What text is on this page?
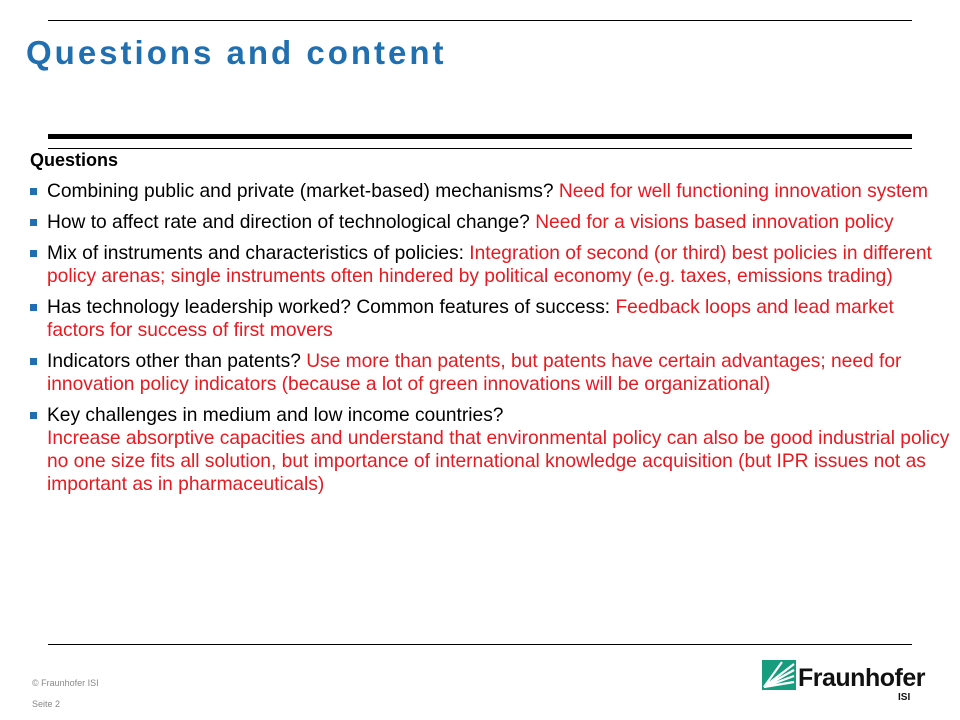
Questions and content
Questions
Combining public and private (market-based) mechanisms? Need for well functioning innovation system
How to affect rate and direction of technological change? Need for a visions based innovation policy
Mix of instruments and characteristics of policies: Integration of second (or third) best policies in different policy arenas; single instruments often hindered by political economy (e.g. taxes, emissions trading)
Has technology leadership worked? Common features of success: Feedback loops and lead market factors for success of first movers
Indicators other than patents? Use more than patents, but patents have certain advantages; need for innovation policy indicators (because a lot of green innovations will be organizational)
Key challenges in medium and low income countries?
Increase absorptive capacities and understand that environmental policy can also be good industrial policy
no one size fits all solution, but importance of international knowledge acquisition (but IPR issues not as important as in pharmaceuticals)
© Fraunhofer ISI
Seite 2
Fraunhofer
ISI
